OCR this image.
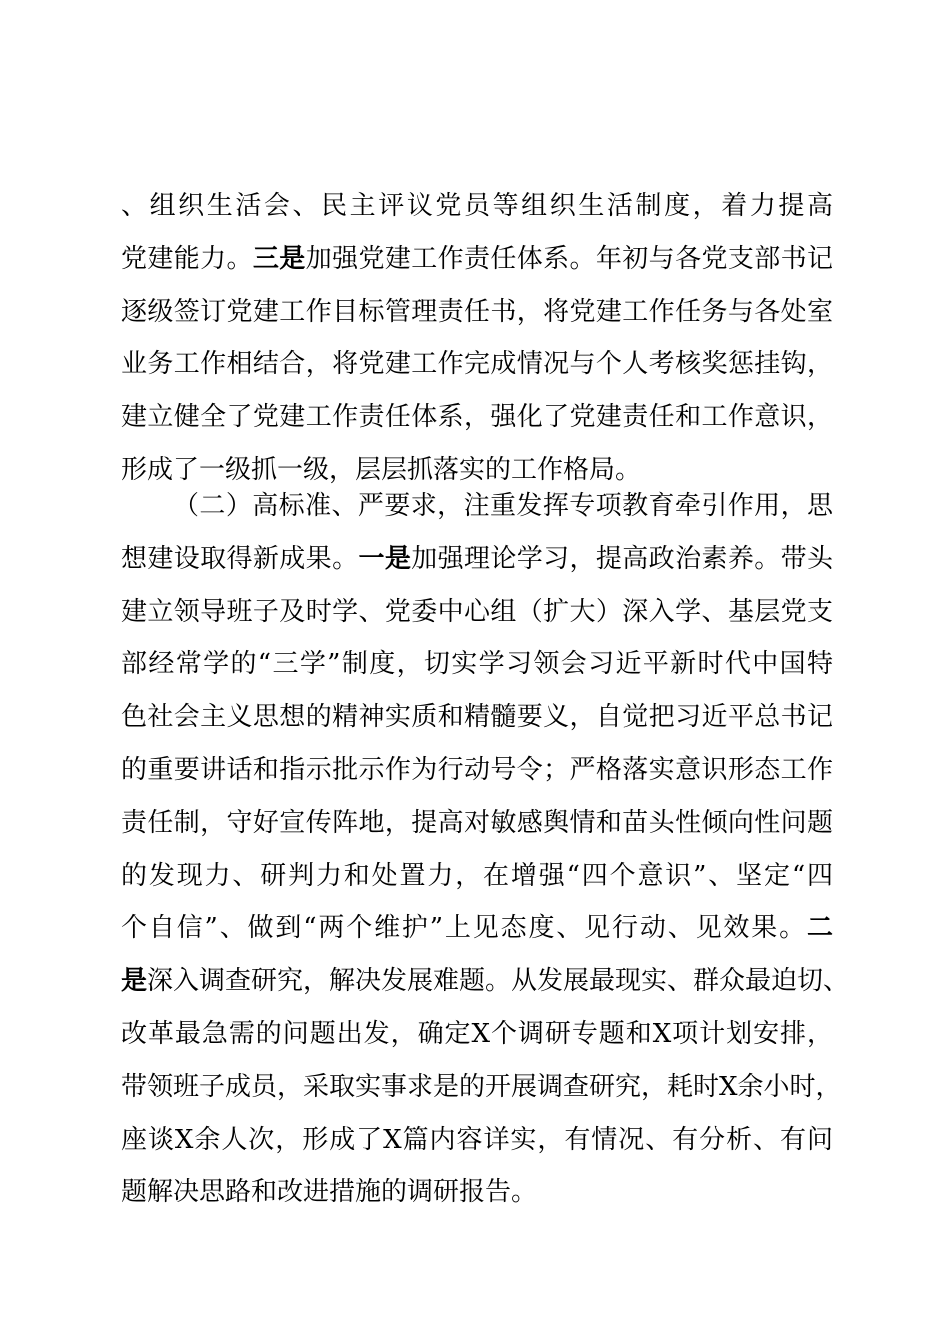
、组织生活会、民主评议党员等组织生活制度，着力提高
党建能力。三是加强党建工作责任体系。年初与各党支部书记
逐级签订党建工作目标管理责任书，将党建工作任务与各处室
业务工作相结合，将党建工作完成情况与个人考核奖惩挂钩，
建立健全了党建工作责任体系，强化了党建责任和工作意识，
形成了一级抓一级，层层抓落实的工作格局。
（二）高标准、严要求，注重发挥专项教育牵引作用，思
想建设取得新成果。一是加强理论学习，提高政治素养。带头
建立领导班子及时学、党委中心组（扩大）深入学、基层党支
部经常学的“三学”制度，切实学习领会习近平新时代中国特
色社会主义思想的精神实质和精髓要义，自觉把习近平总书记
的重要讲话和指示批示作为行动号令；严格落实意识形态工作
责任制，守好宣传阵地，提高对敏感舆情和苗头性倾向性问题
的发现力、研判力和处置力，在增强“四个意识”、坚定“四
个自信”、做到“两个维护”上见态度、见行动、见效果。二
是深入调查研究，解决发展难题。从发展最现实、群众最迫切、
改革最急需的问题出发，确定X个调研专题和X项计划安排，
带领班子成员，采取实事求是的开展调查研究，耗时X余小时，
座谈X余人次，形成了X篇内容详实，有情况、有分析、有问
题解决思路和改进措施的调研报告。
